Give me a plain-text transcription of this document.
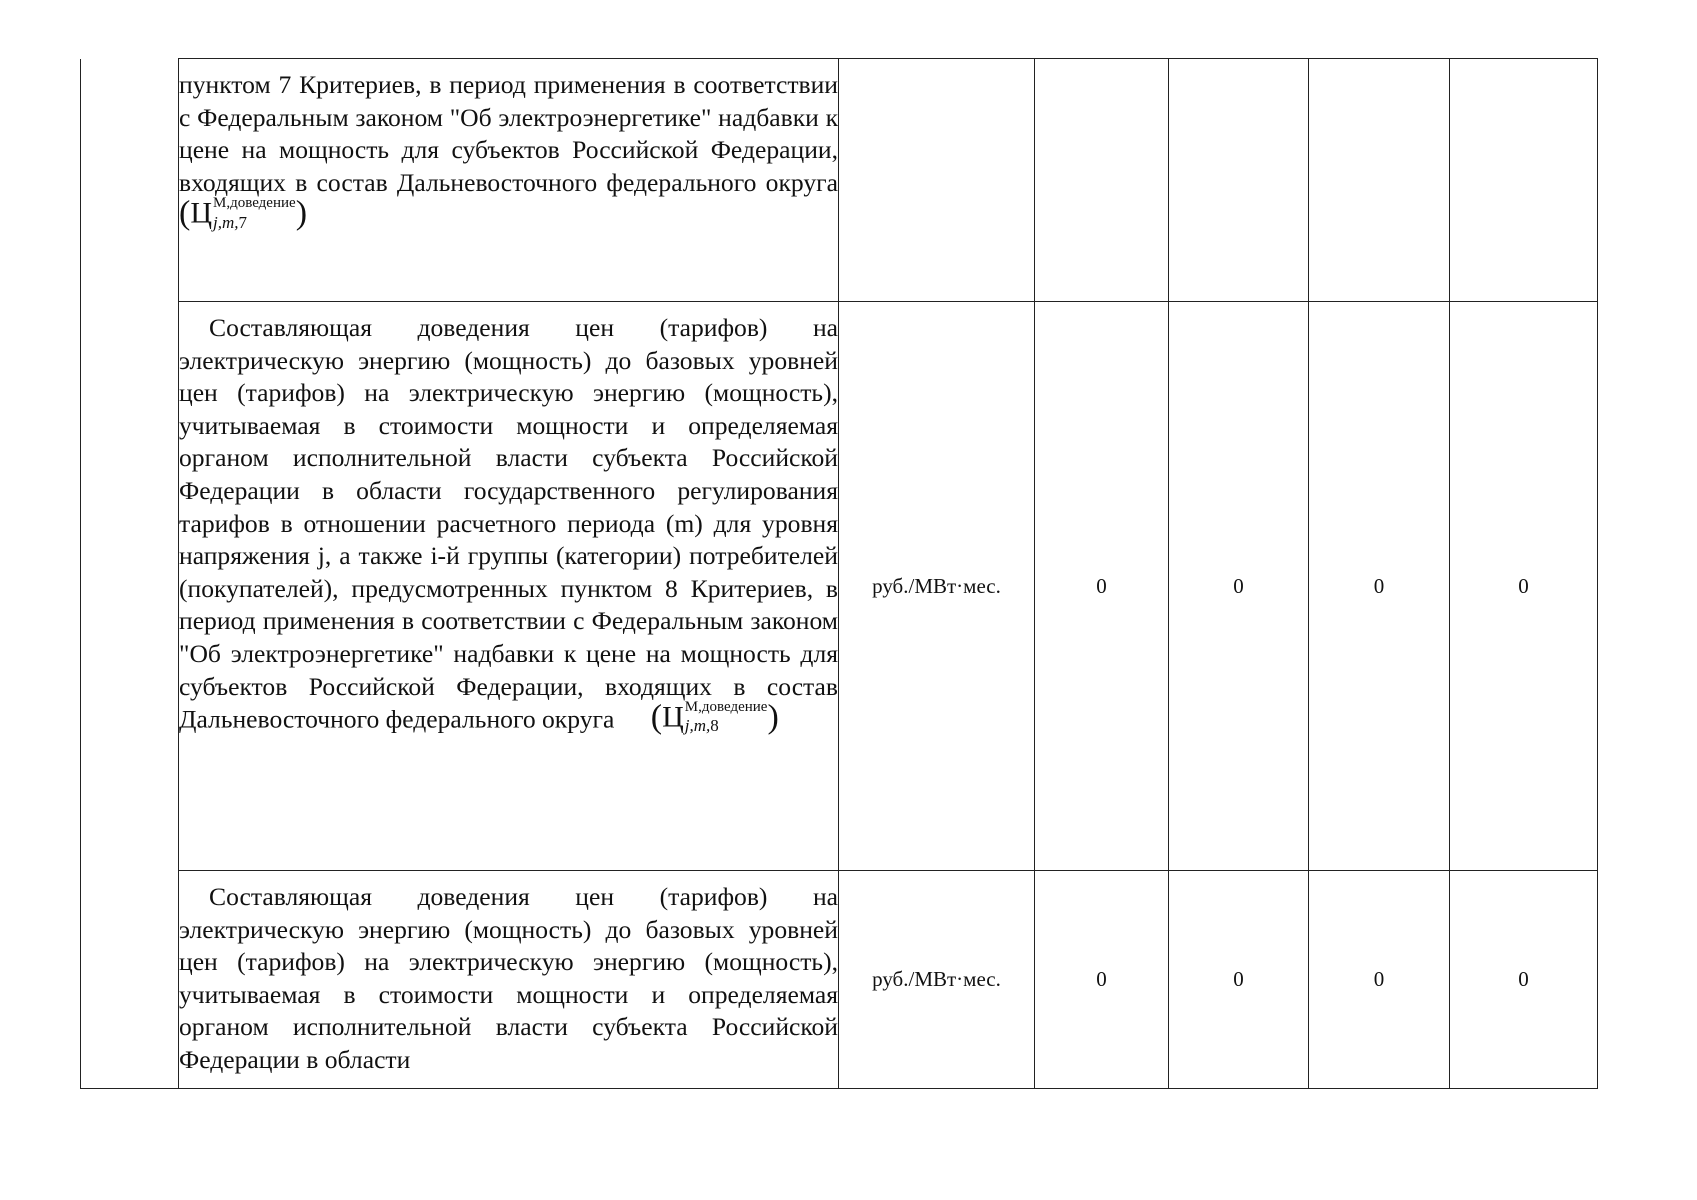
	пунктом 7 Критериев, в период применения в соответствии с Федеральным законом "Об электроэнергетике" надбавки к цене на мощность для субъектов Российской Федерации, входящих в состав Дальневосточного федерального округа (Ц М,доведение
j,m,7 )					

	Составляющая доведения цен (тарифов) на электрическую энергию (мощность) до базовых уровней цен (тарифов) на электрическую энергию (мощность), учитываемая в стоимости мощности и определяемая органом исполнительной власти субъекта Российской Федерации в области государственного регулирования тарифов в отношении расчетного периода (m) для уровня напряжения j, а также i-й группы (категории) потребителей (покупателей), предусмотренных пунктом 8 Критериев, в период применения в соответствии с Федеральным законом "Об электроэнергетике" надбавки к цене на мощность для субъектов Российской Федерации, входящих в состав Дальневосточного федерального округа (Ц М,доведение
j,m,8 )	руб./МВт·мес.	0	0	0	0

	Составляющая доведения цен (тарифов) на электрическую энергию (мощность) до базовых уровней цен (тарифов) на электрическую энергию (мощность), учитываемая в стоимости мощности и определяемая органом исполнительной власти субъекта Российской Федерации в области	руб./МВт·мес.	0	0	0	0
